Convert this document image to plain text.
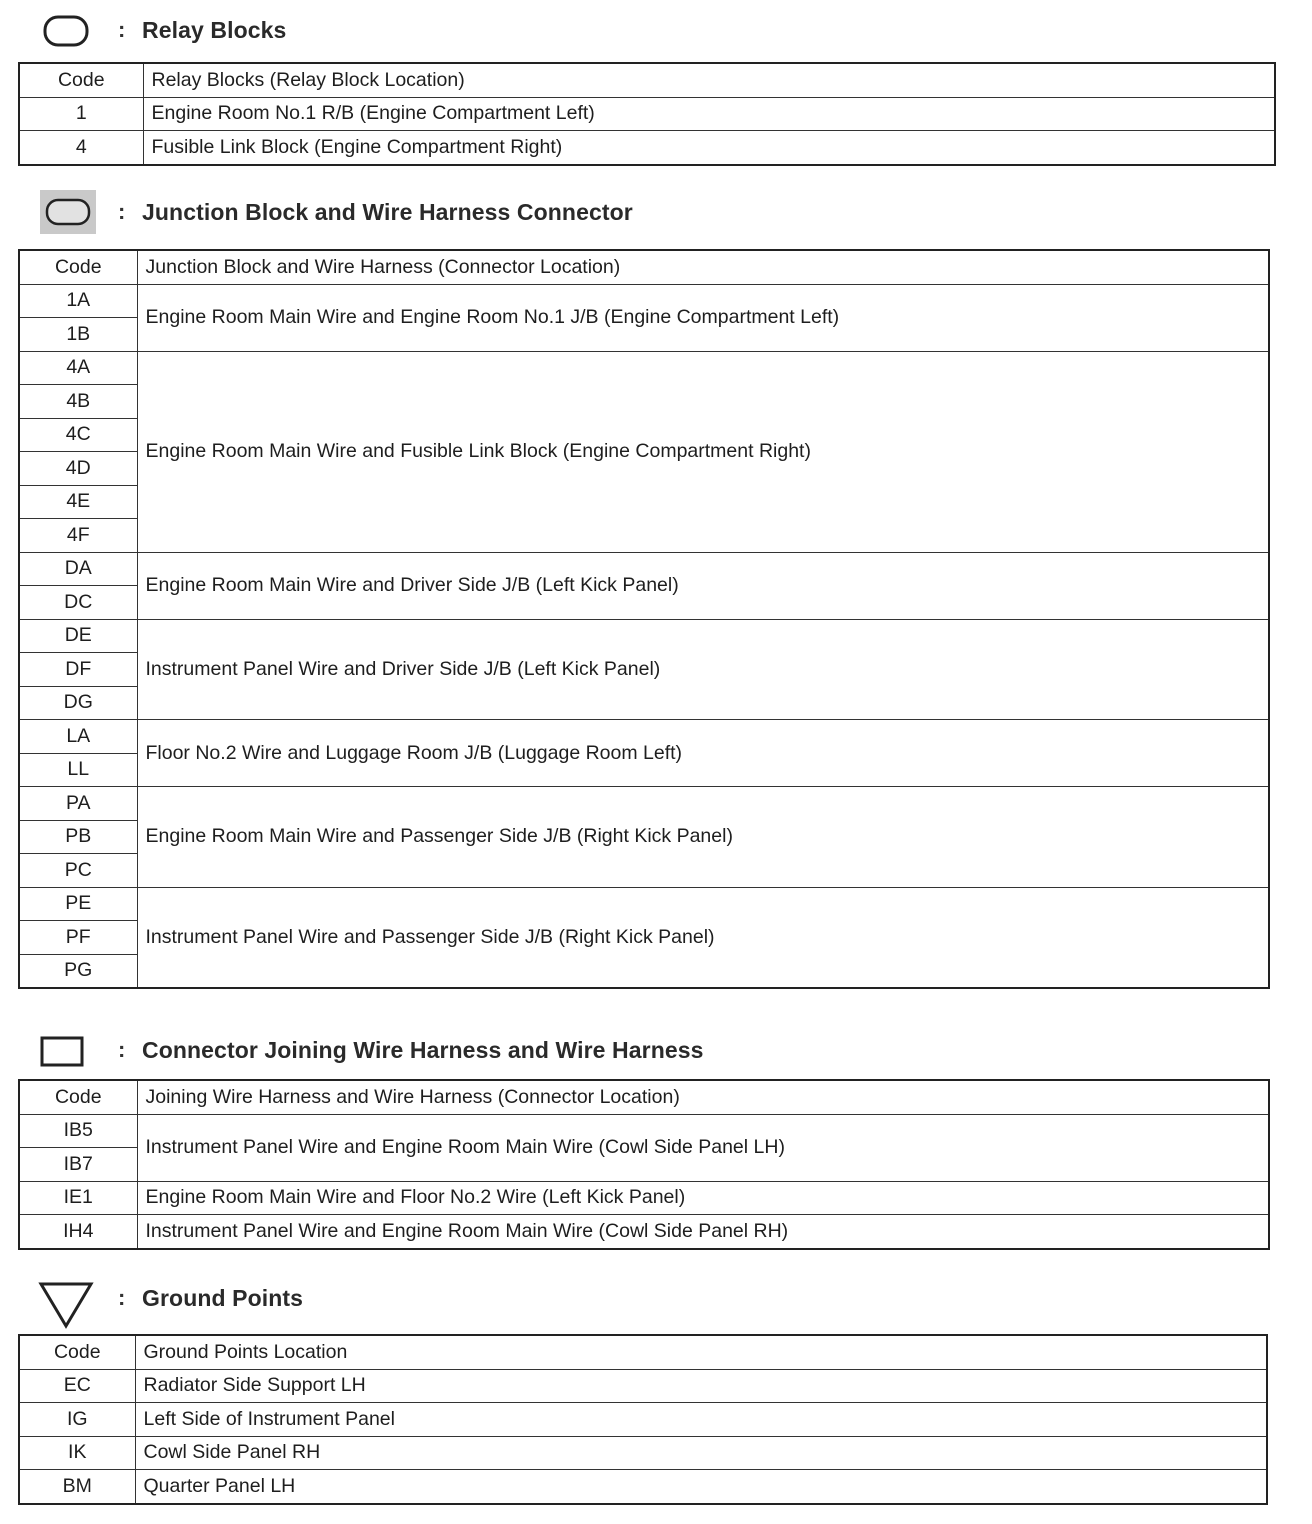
: Relay Blocks
Code	Relay Blocks (Relay Block Location)
1	Engine Room No.1 R/B (Engine Compartment Left)
4	Fusible Link Block (Engine Compartment Right)
: Junction Block and Wire Harness Connector
Code	Junction Block and Wire Harness (Connector Location)
1A	Engine Room Main Wire and Engine Room No.1 J/B (Engine Compartment Left)
1B	
4A	Engine Room Main Wire and Fusible Link Block (Engine Compartment Right)
4B	
4C	
4D	
4E	
4F	
DA	Engine Room Main Wire and Driver Side J/B (Left Kick Panel)
DC	
DE	Instrument Panel Wire and Driver Side J/B (Left Kick Panel)
DF	
DG	
LA	Floor No.2 Wire and Luggage Room J/B (Luggage Room Left)
LL	
PA	Engine Room Main Wire and Passenger Side J/B (Right Kick Panel)
PB	
PC	
PE	Instrument Panel Wire and Passenger Side J/B (Right Kick Panel)
PF	
PG	
: Connector Joining Wire Harness and Wire Harness
Code	Joining Wire Harness and Wire Harness (Connector Location)
IB5	Instrument Panel Wire and Engine Room Main Wire (Cowl Side Panel LH)
IB7	
IE1	Engine Room Main Wire and Floor No.2 Wire (Left Kick Panel)
IH4	Instrument Panel Wire and Engine Room Main Wire (Cowl Side Panel RH)
: Ground Points
Code	Ground Points Location
EC	Radiator Side Support LH
IG	Left Side of Instrument Panel
IK	Cowl Side Panel RH
BM	Quarter Panel LH
